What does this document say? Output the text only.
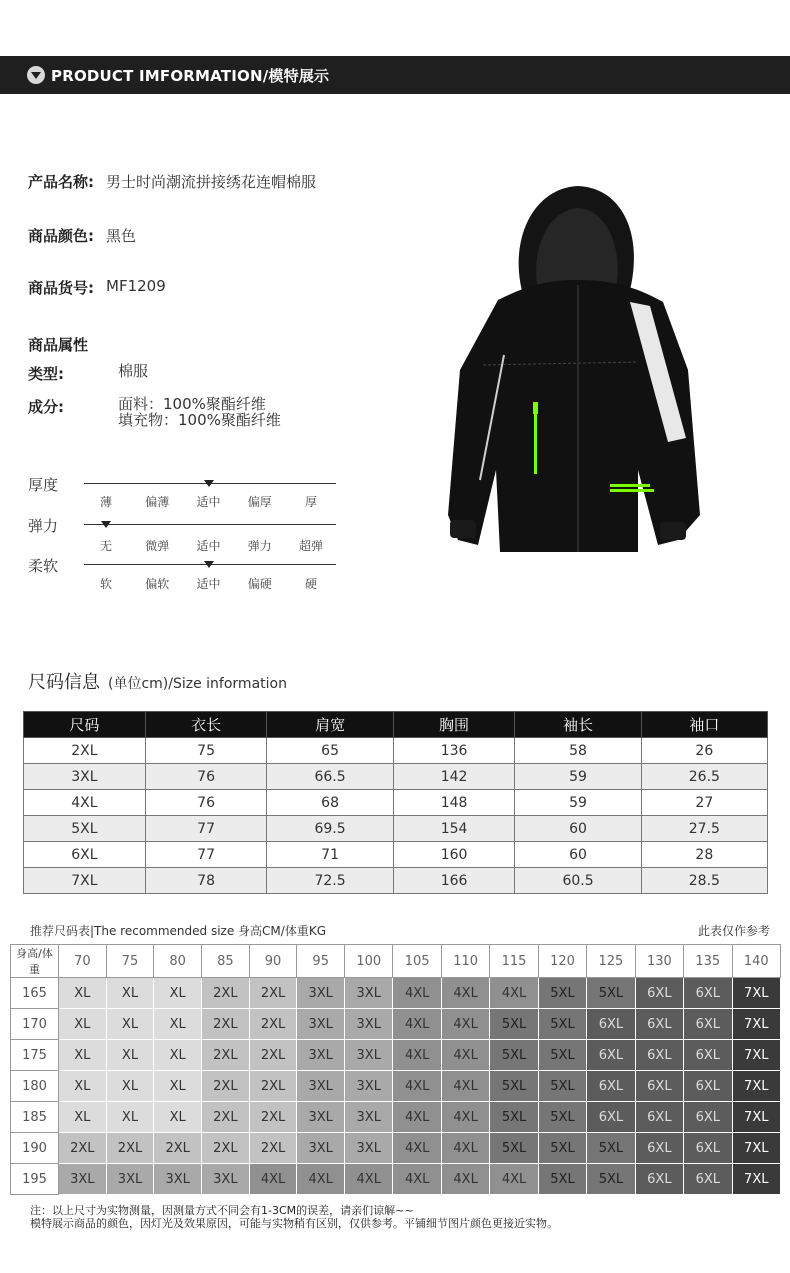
PRODUCT IMFORMATION/模特展示
产品名称: 男士时尚潮流拼接绣花连帽棉服
商品颜色: 黑色
商品货号: MF1209
商品属性
类型:	棉服
成分:	面料：100%聚酯纤维
填充物：100%聚酯纤维
厚度
薄	偏薄	适中	偏厚	厚
弹力
无	微弹	适中	弹力	超弹
柔软
软	偏软	适中	偏硬	硬
尺码信息 (单位cm)/Size information
尺码	衣长	肩宽	胸围	袖长	袖口
2XL	75	65	136	58	26
3XL	76	66.5	142	59	26.5
4XL	76	68	148	59	27
5XL	77	69.5	154	60	27.5
6XL	77	71	160	60	28
7XL	78	72.5	166	60.5	28.5
推荐尺码表|The recommended size 身高CM/体重KG	此表仅作参考
身高/体重	70	75	80	85	90	95	100	105	110	115	120	125	130	135	140
165	XL	XL	XL	2XL	2XL	3XL	3XL	4XL	4XL	4XL	5XL	5XL	6XL	6XL	7XL
170	XL	XL	XL	2XL	2XL	3XL	3XL	4XL	4XL	5XL	5XL	6XL	6XL	6XL	7XL
175	XL	XL	XL	2XL	2XL	3XL	3XL	4XL	4XL	5XL	5XL	6XL	6XL	6XL	7XL
180	XL	XL	XL	2XL	2XL	3XL	3XL	4XL	4XL	5XL	5XL	6XL	6XL	6XL	7XL
185	XL	XL	XL	2XL	2XL	3XL	3XL	4XL	4XL	5XL	5XL	6XL	6XL	6XL	7XL
190	2XL	2XL	2XL	2XL	2XL	3XL	3XL	4XL	4XL	5XL	5XL	5XL	6XL	6XL	7XL
195	3XL	3XL	3XL	3XL	4XL	4XL	4XL	4XL	4XL	4XL	5XL	5XL	6XL	6XL	7XL
注：以上尺寸为实物测量，因测量方式不同会有1-3CM的误差，请亲们谅解~~
模特展示商品的颜色，因灯光及效果原因，可能与实物稍有区别，仅供参考。平铺细节图片颜色更接近实物。
